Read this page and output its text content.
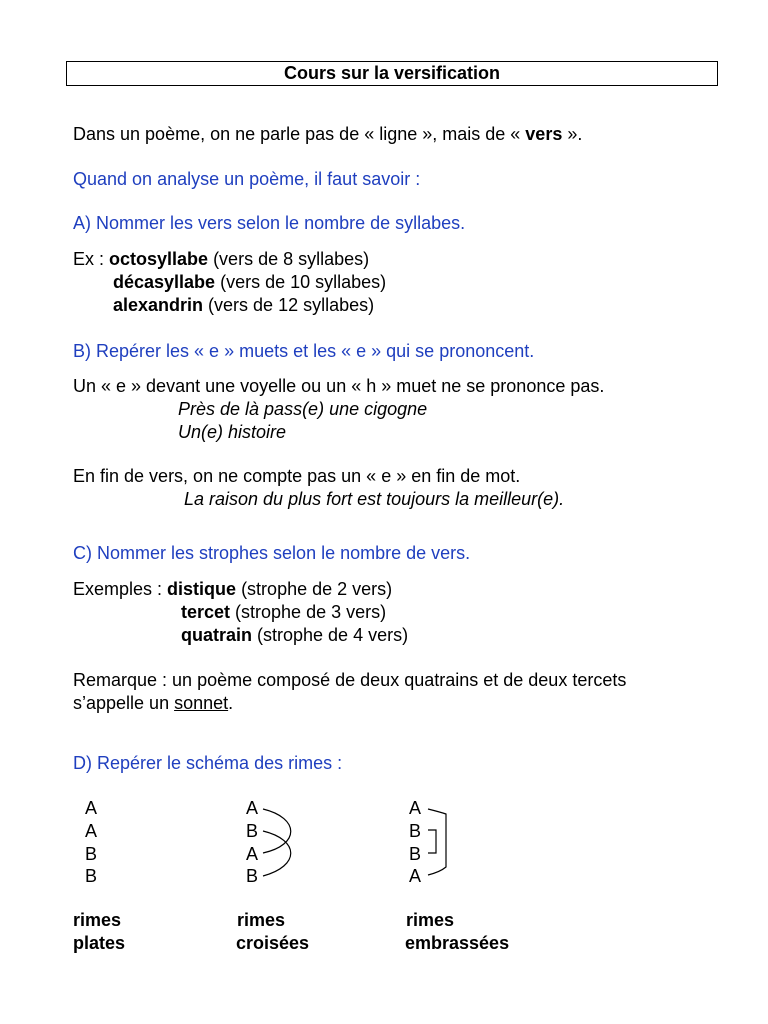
Cours sur la versification
Dans un poème, on ne parle pas de « ligne », mais de « vers ».
Quand on analyse un poème, il faut savoir :
A) Nommer les vers selon le nombre de syllabes.
Ex : octosyllabe (vers de 8 syllabes)
décasyllabe (vers de 10 syllabes)
alexandrin (vers de 12 syllabes)
B) Repérer les « e » muets et les « e » qui se prononcent.
Un « e » devant une voyelle ou un « h » muet ne se prononce pas.
Près de là pass(e) une cigogne
Un(e) histoire
En fin de vers, on ne compte pas un « e » en fin de mot.
La raison du plus fort est toujours la meilleur(e).
C) Nommer les strophes selon le nombre de vers.
Exemples : distique (strophe de 2 vers)
tercet (strophe de 3 vers)
quatrain (strophe de 4 vers)
Remarque : un poème composé de deux quatrains et de deux tercets
s’appelle un sonnet.
D) Repérer le schéma des rimes :
A
A
B
B
A
B
A
B
A
B
B
A
rimes
plates
rimes
croisées
rimes
embrassées
